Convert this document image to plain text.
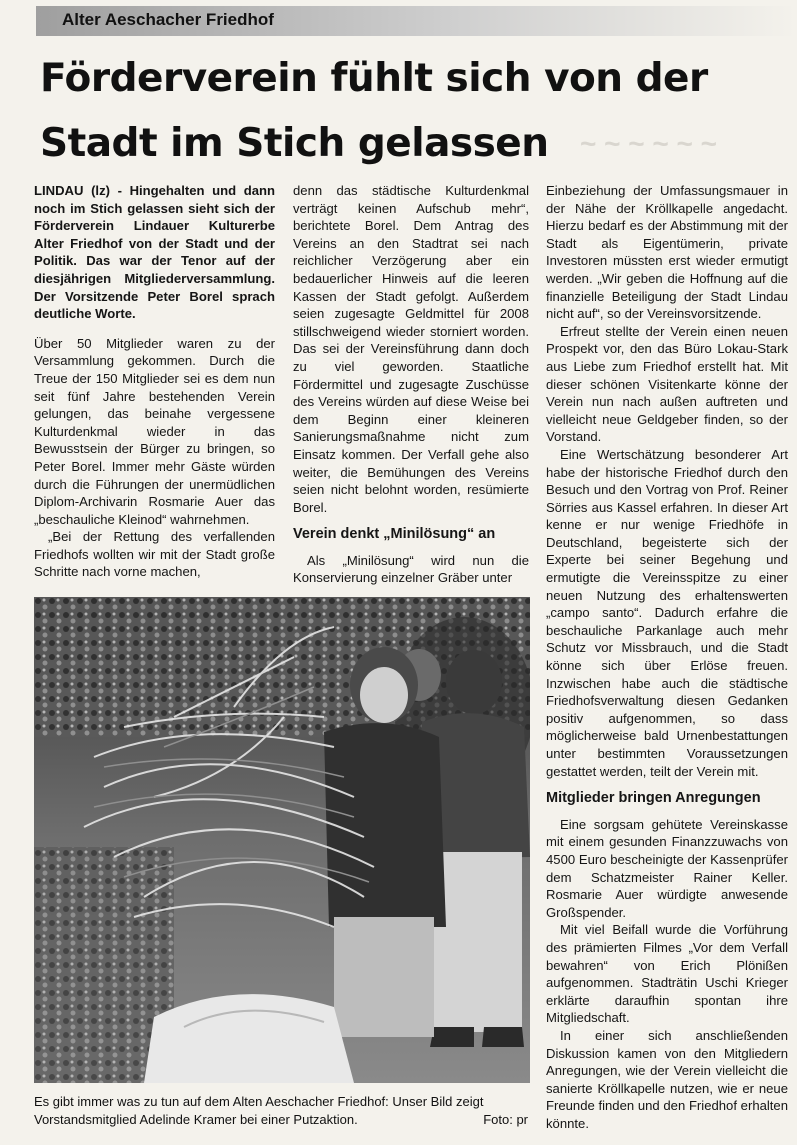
~ ~ ~ ~ ~ ~
Alter Aeschacher Friedhof
Förderverein fühlt sich von der Stadt im Stich gelassen

LINDAU (lz) - Hingehalten und dann noch im Stich gelassen sieht sich der Förderverein Lindauer Kulturerbe Alter Friedhof von der Stadt und der Politik. Das war der Tenor auf der diesjährigen Mitgliederversammlung. Der Vorsitzende Peter Borel sprach deutliche Worte.

Über 50 Mitglieder waren zu der Versammlung gekommen. Durch die Treue der 150 Mitglieder sei es dem nun seit fünf Jahre bestehenden Verein gelungen, das beinahe vergessene Kulturdenkmal wieder in das Bewusstsein der Bürger zu bringen, so Peter Borel. Immer mehr Gäste würden durch die Führungen der unermüdlichen Diplom-Archivarin Rosmarie Auer das „beschauliche Kleinod“ wahrnehmen.

„Bei der Rettung des verfallenden Friedhofs wollten wir mit der Stadt große Schritte nach vorne machen,

denn das städtische Kulturdenkmal verträgt keinen Aufschub mehr“, berichtete Borel. Dem Antrag des Vereins an den Stadtrat sei nach reichlicher Verzögerung aber ein bedauerlicher Hinweis auf die leeren Kassen der Stadt gefolgt. Außerdem seien zugesagte Geldmittel für 2008 stillschweigend wieder storniert worden. Das sei der Vereinsführung dann doch zu viel geworden. Staatliche Fördermittel und zugesagte Zuschüsse des Vereins würden auf diese Weise bei dem Beginn einer kleineren Sanierungsmaßnahme nicht zum Einsatz kommen. Der Verfall gehe also weiter, die Bemühungen des Vereins seien nicht belohnt worden, resümierte Borel.

Verein denkt „Minilösung“ an

Als „Minilösung“ wird nun die Konservierung einzelner Gräber unter

Einbeziehung der Umfassungsmauer in der Nähe der Kröllkapelle angedacht. Hierzu bedarf es der Abstimmung mit der Stadt als Eigentümerin, private Investoren müssten erst wieder ermutigt werden. „Wir geben die Hoffnung auf die finanzielle Beteiligung der Stadt Lindau nicht auf“, so der Vereinsvorsitzende.

Erfreut stellte der Verein einen neuen Prospekt vor, den das Büro Lokau-Stark aus Liebe zum Friedhof erstellt hat. Mit dieser schönen Visitenkarte könne der Verein nun nach außen auftreten und vielleicht neue Geldgeber finden, so der Vorstand.

Eine Wertschätzung besonderer Art habe der historische Friedhof durch den Besuch und den Vortrag von Prof. Reiner Sörries aus Kassel erfahren. In dieser Art kenne er nur wenige Friedhöfe in Deutschland, begeisterte sich der Experte bei seiner Begehung und ermutigte die Vereinsspitze zu einer neuen Nutzung des erhaltenswerten „campo santo“. Dadurch erfahre die beschauliche Parkanlage auch mehr Schutz vor Missbrauch, und die Stadt könne sich über Erlöse freuen. Inzwischen habe auch die städtische Friedhofsverwaltung diesen Gedanken positiv aufgenommen, so dass möglicherweise bald Urnenbestattungen unter bestimmten Voraussetzungen gestattet werden, teilt der Verein mit.

Mitglieder bringen Anregungen

Eine sorgsam gehütete Vereinskasse mit einem gesunden Finanzzuwachs von 4500 Euro bescheinigte der Kassenprüfer dem Schatzmeister Rainer Keller. Rosmarie Auer würdigte anwesende Großspender.

Mit viel Beifall wurde die Vorführung des prämierten Filmes „Vor dem Verfall bewahren“ von Erich Plönißen aufgenommen. Stadträtin Uschi Krieger erklärte daraufhin spontan ihre Mitgliedschaft.

In einer sich anschließenden Diskussion kamen von den Mitgliedern Anregungen, wie der Verein vielleicht die sanierte Kröllkapelle nutzen, wie er neue Freunde finden und den Friedhof erhalten könnte.

Es gibt immer was zu tun auf dem Alten Aeschacher Friedhof: Unser Bild zeigt Vorstandsmitglied Adelinde Kramer bei einer Putzaktion.	Foto: pr
